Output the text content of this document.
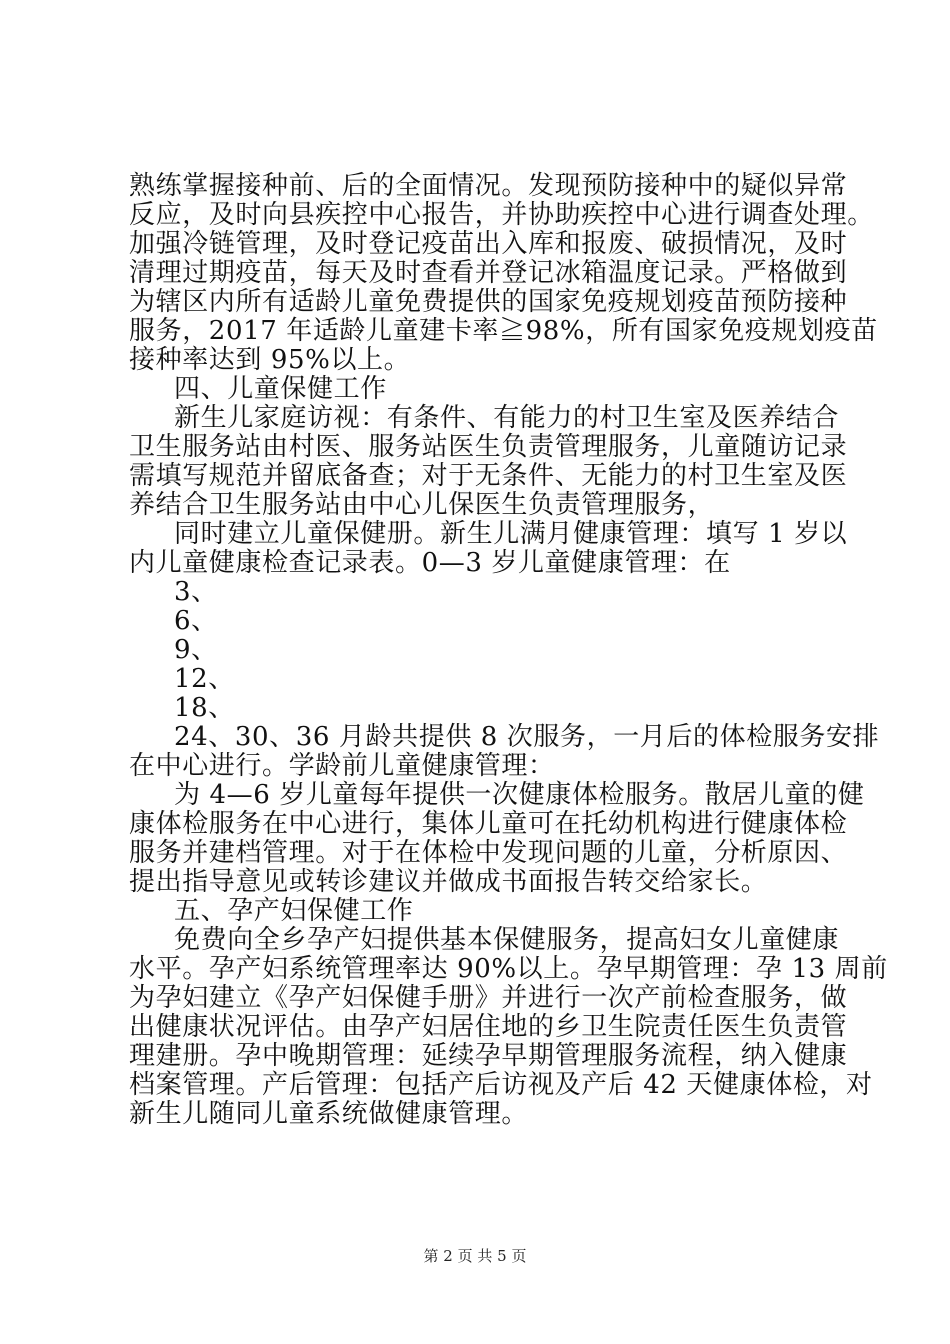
熟练掌握接种前、后的全面情况。发现预防接种中的疑似异常
反应，及时向县疾控中心报告，并协助疾控中心进行调查处理。
加强冷链管理，及时登记疫苗出入库和报废、破损情况，及时
清理过期疫苗，每天及时查看并登记冰箱温度记录。严格做到
为辖区内所有适龄儿童免费提供的国家免疫规划疫苗预防接种
服务，2017 年适龄儿童建卡率≧98%，所有国家免疫规划疫苗
接种率达到 95%以上。
四、儿童保健工作
新生儿家庭访视：有条件、有能力的村卫生室及医养结合
卫生服务站由村医、服务站医生负责管理服务，儿童随访记录
需填写规范并留底备查；对于无条件、无能力的村卫生室及医
养结合卫生服务站由中心儿保医生负责管理服务，
同时建立儿童保健册。新生儿满月健康管理：填写 1 岁以
内儿童健康检查记录表。0—3 岁儿童健康管理：在
3、
6、
9、
12、
18、
24、30、36 月龄共提供 8 次服务，一月后的体检服务安排
在中心进行。学龄前儿童健康管理：
为 4—6 岁儿童每年提供一次健康体检服务。散居儿童的健
康体检服务在中心进行，集体儿童可在托幼机构进行健康体检
服务并建档管理。对于在体检中发现问题的儿童，分析原因、
提出指导意见或转诊建议并做成书面报告转交给家长。
五、孕产妇保健工作
免费向全乡孕产妇提供基本保健服务，提高妇女儿童健康
水平。孕产妇系统管理率达 90%以上。孕早期管理：孕 13 周前
为孕妇建立《孕产妇保健手册》并进行一次产前检查服务，做
出健康状况评估。由孕产妇居住地的乡卫生院责任医生负责管
理建册。孕中晚期管理：延续孕早期管理服务流程，纳入健康
档案管理。产后管理：包括产后访视及产后 42 天健康体检，对
新生儿随同儿童系统做健康管理。
第 2 页 共 5 页
